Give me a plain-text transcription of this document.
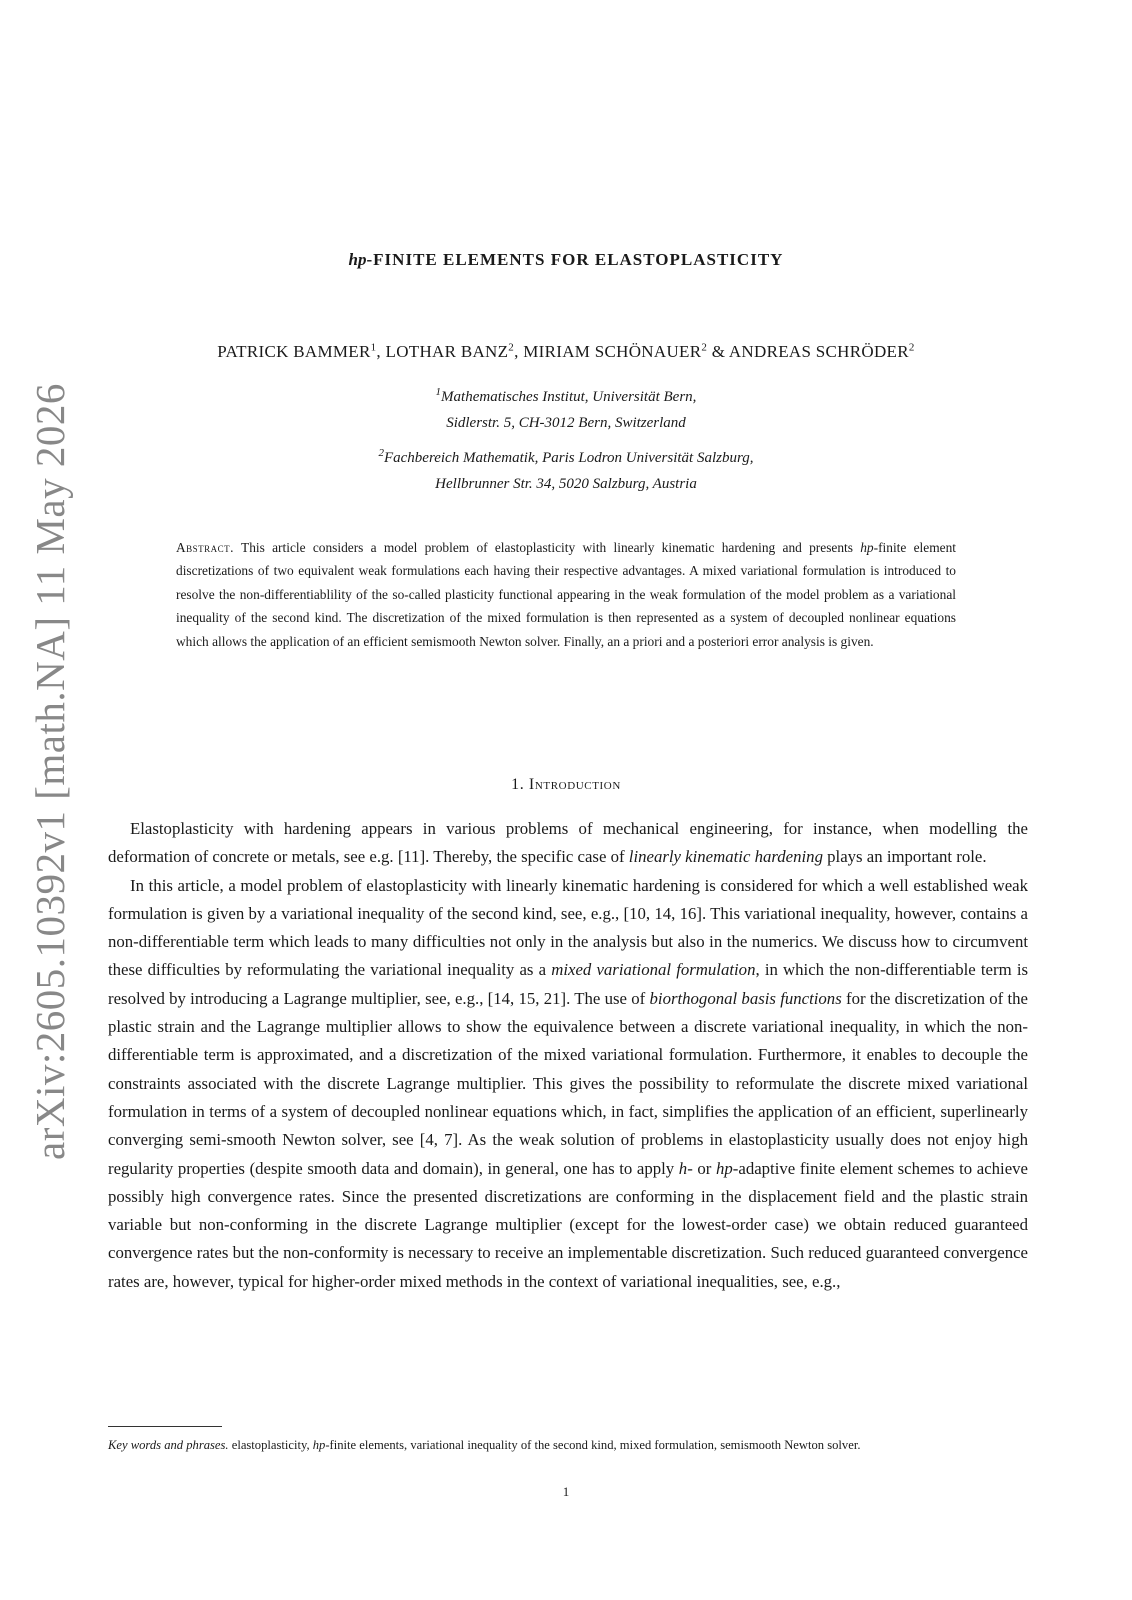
arXiv:2605.10392v1 [math.NA] 11 May 2026
hp-FINITE ELEMENTS FOR ELASTOPLASTICITY
PATRICK BAMMER$^1$, LOTHAR BANZ$^2$, MIRIAM SCHÖNAUER$^2$ & ANDREAS SCHRÖDER$^2$
$^1$Mathematisches Institut, Universität Bern,
Sidlerstr. 5, CH-3012 Bern, Switzerland
$^2$Fachbereich Mathematik, Paris Lodron Universität Salzburg,
Hellbrunner Str. 34, 5020 Salzburg, Austria
Abstract. This article considers a model problem of elastoplasticity with linearly kinematic hardening and presents hp-finite element discretizations of two equivalent weak formulations each having their respective advantages. A mixed variational formulation is introduced to resolve the non-differentiablility of the so-called plasticity functional appearing in the weak formulation of the model problem as a variational inequality of the second kind. The discretization of the mixed formulation is then represented as a system of decoupled nonlinear equations which allows the application of an efficient semismooth Newton solver. Finally, an a priori and a posteriori error analysis is given.
1. Introduction

Elastoplasticity with hardening appears in various problems of mechanical engineering, for instance, when modelling the deformation of concrete or metals, see e.g. [11]. Thereby, the specific case of linearly kinematic hardening plays an important role.

In this article, a model problem of elastoplasticity with linearly kinematic hardening is considered for which a well established weak formulation is given by a variational inequality of the second kind, see, e.g., [10, 14, 16]. This variational inequality, however, contains a non-differentiable term which leads to many difficulties not only in the analysis but also in the numerics. We discuss how to circumvent these difficulties by reformulating the variational inequality as a mixed variational formulation, in which the non-differentiable term is resolved by introducing a Lagrange multiplier, see, e.g., [14, 15, 21]. The use of biorthogonal basis functions for the discretization of the plastic strain and the Lagrange multiplier allows to show the equivalence between a discrete variational inequality, in which the non-differentiable term is approximated, and a discretization of the mixed variational formulation. Furthermore, it enables to decouple the constraints associated with the discrete Lagrange multiplier. This gives the possibility to reformulate the discrete mixed variational formulation in terms of a system of decoupled nonlinear equations which, in fact, simplifies the application of an efficient, superlinearly converging semi-smooth Newton solver, see [4, 7]. As the weak solution of problems in elastoplasticity usually does not enjoy high regularity properties (despite smooth data and domain), in general, one has to apply h- or hp-adaptive finite element schemes to achieve possibly high convergence rates. Since the presented discretizations are conforming in the displacement field and the plastic strain variable but non-conforming in the discrete Lagrange multiplier (except for the lowest-order case) we obtain reduced guaranteed convergence rates but the non-conformity is necessary to receive an implementable discretization. Such reduced guaranteed convergence rates are, however, typical for higher-order mixed methods in the context of variational inequalities, see, e.g.,

Key words and phrases. elastoplasticity, hp-finite elements, variational inequality of the second kind, mixed formulation, semismooth Newton solver.
1
